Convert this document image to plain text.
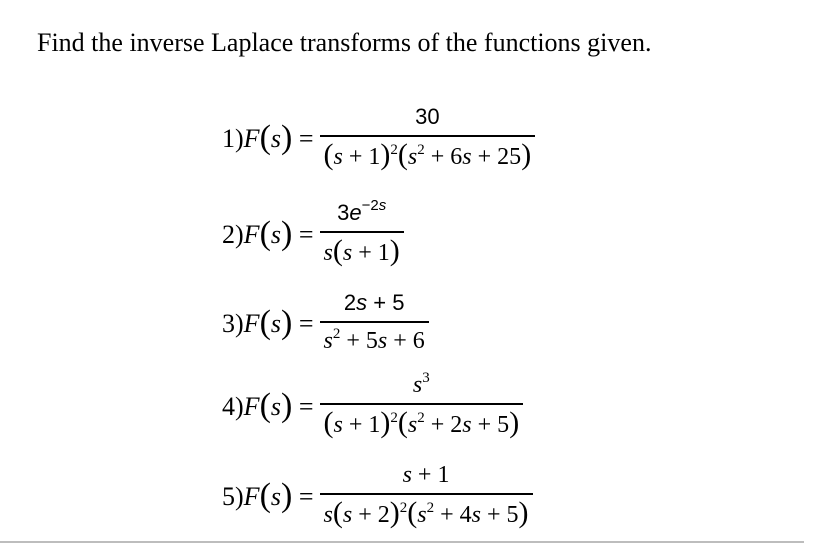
Find the inverse Laplace transforms of the functions given.
$1)F(s) = \frac{30}{(s + 1)^2(s^2 + 6s + 25)}$
$2)F(s) = \frac{3e^{-2s}}{s(s + 1)}$
$3)F(s) = \frac{2s + 5}{s^2 + 5s + 6}$
$4)F(s) = \frac{s^3}{(s + 1)^2(s^2 + 2s + 5)}$
$5)F(s) = \frac{s + 1}{s(s + 2)^2(s^2 + 4s + 5)}$
